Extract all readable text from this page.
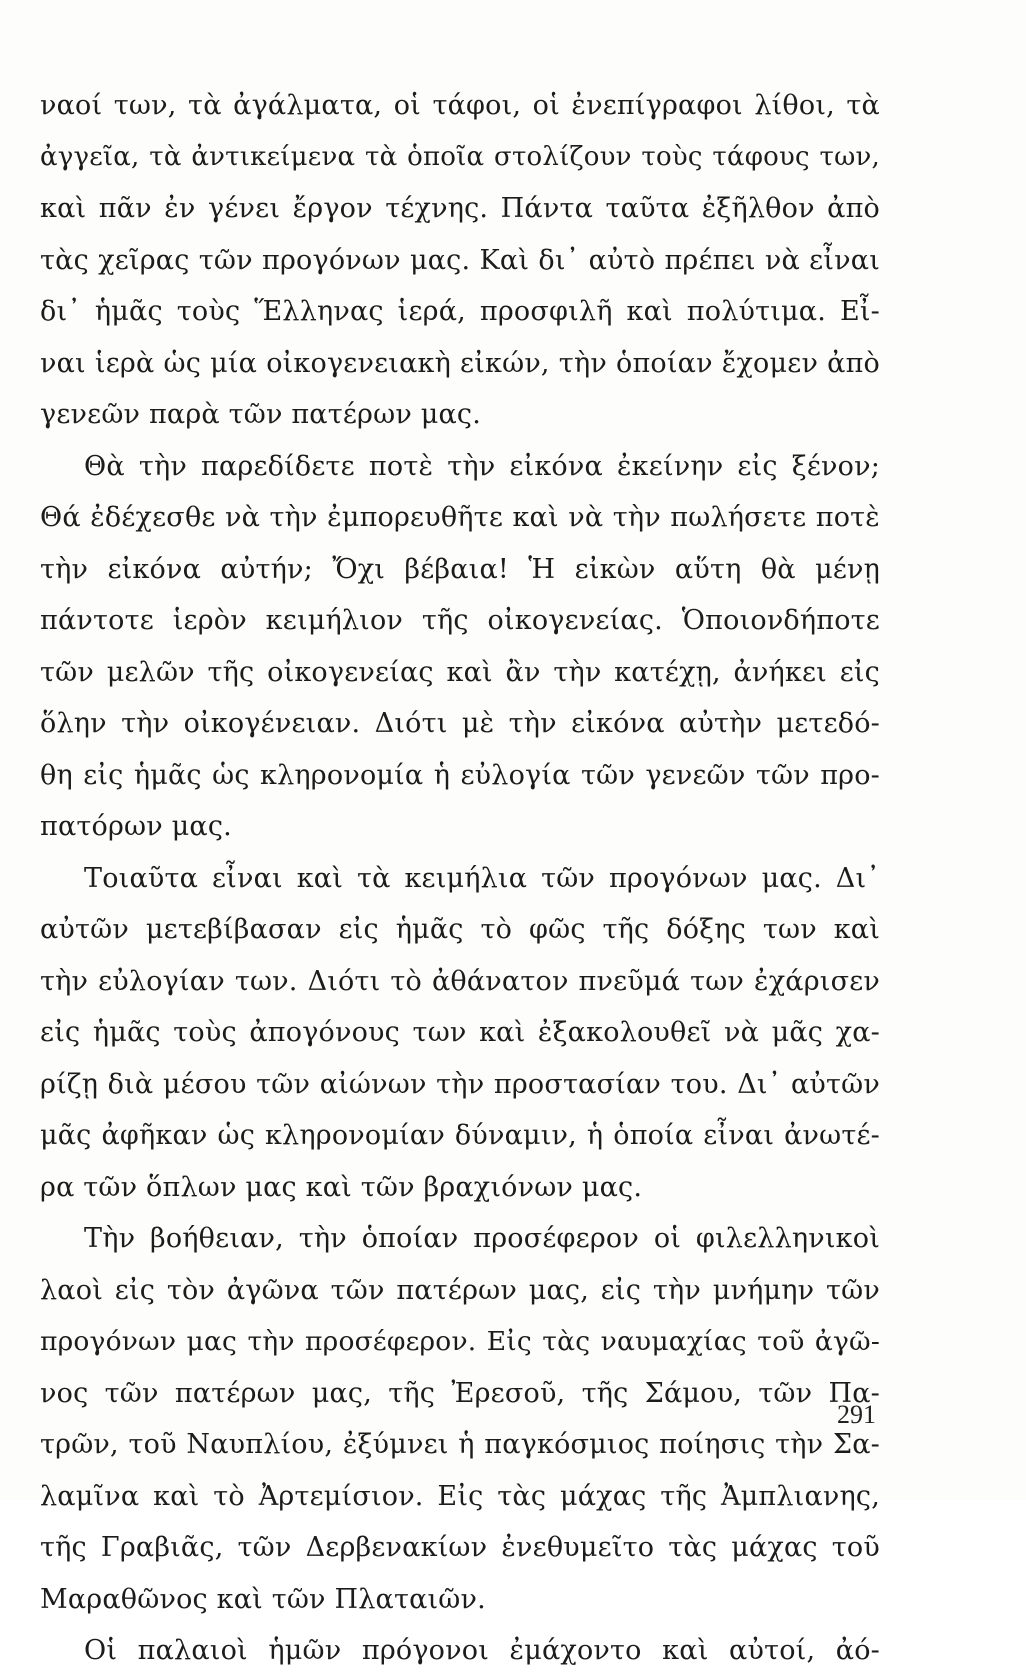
ναοί των, τὰ ἀγάλματα, οἱ τάφοι, οἱ ἐνεπίγραφοι λίθοι, τὰ
ἀγγεῖα, τὰ ἀντικείμενα τὰ ὁποῖα στολίζουν τοὺς τάφους των,
καὶ πᾶν ἐν γένει ἔργον τέχνης. Πάντα ταῦτα ἐξῆλθον ἀπὸ
τὰς χεῖρας τῶν προγόνων μας. Καὶ δι᾽ αὐτὸ πρέπει νὰ εἶναι
δι᾽ ἡμᾶς τοὺς Ἕλληνας ἱερά, προσφιλῆ καὶ πολύτιμα. Εἶ-
ναι ἱερὰ ὡς μία οἰκογενειακὴ εἰκών, τὴν ὁποίαν ἔχομεν ἀπὸ
γενεῶν παρὰ τῶν πατέρων μας.
Θὰ τὴν παρεδίδετε ποτὲ τὴν εἰκόνα ἐκείνην εἰς ξένον;
Θά ἐδέχεσθε νὰ τὴν ἐμπορευθῆτε καὶ νὰ τὴν πωλήσετε ποτὲ
τὴν εἰκόνα αὐτήν; Ὄχι βέβαια! Ἡ εἰκὼν αὕτη θὰ μένῃ
πάντοτε ἱερὸν κειμήλιον τῆς οἰκογενείας. Ὁποιονδήποτε
τῶν μελῶν τῆς οἰκογενείας καὶ ἂν τὴν κατέχῃ, ἀνήκει εἰς
ὅλην τὴν οἰκογένειαν. Διότι μὲ τὴν εἰκόνα αὐτὴν μετεδό-
θη εἰς ἡμᾶς ὡς κληρονομία ἡ εὐλογία τῶν γενεῶν τῶν προ-
πατόρων μας.
Τοιαῦτα εἶναι καὶ τὰ κειμήλια τῶν προγόνων μας. Δι᾽
αὐτῶν μετεβίβασαν εἰς ἡμᾶς τὸ φῶς τῆς δόξης των καὶ
τὴν εὐλογίαν των. Διότι τὸ ἀθάνατον πνεῦμά των ἐχάρισεν
εἰς ἡμᾶς τοὺς ἀπογόνους των καὶ ἐξακολουθεῖ νὰ μᾶς χα-
ρίζῃ διὰ μέσου τῶν αἰώνων τὴν προστασίαν του. Δι᾽ αὐτῶν
μᾶς ἀφῆκαν ὡς κληρονομίαν δύναμιν, ἡ ὁποία εἶναι ἀνωτέ-
ρα τῶν ὅπλων μας καὶ τῶν βραχιόνων μας.
Τὴν βοήθειαν, τὴν ὁποίαν προσέφερον οἱ φιλελληνικοὶ
λαοὶ εἰς τὸν ἀγῶνα τῶν πατέρων μας, εἰς τὴν μνήμην τῶν
προγόνων μας τὴν προσέφερον. Εἰς τὰς ναυμαχίας τοῦ ἀγῶ-
νος τῶν πατέρων μας, τῆς Ἐρεσοῦ, τῆς Σάμου, τῶν Πα-
τρῶν, τοῦ Ναυπλίου, ἐξύμνει ἡ παγκόσμιος ποίησις τὴν Σα-
λαμῖνα καὶ τὸ Ἀρτεμίσιον. Εἰς τὰς μάχας τῆς Ἀμπλιανης,
τῆς Γραβιᾶς, τῶν Δερβενακίων ἐνεθυμεῖτο τὰς μάχας τοῦ
Μαραθῶνος καὶ τῶν Πλαταιῶν.
Οἱ παλαιοὶ ἡμῶν πρόγονοι ἐμάχοντο καὶ αὐτοί, ἀό-
291
